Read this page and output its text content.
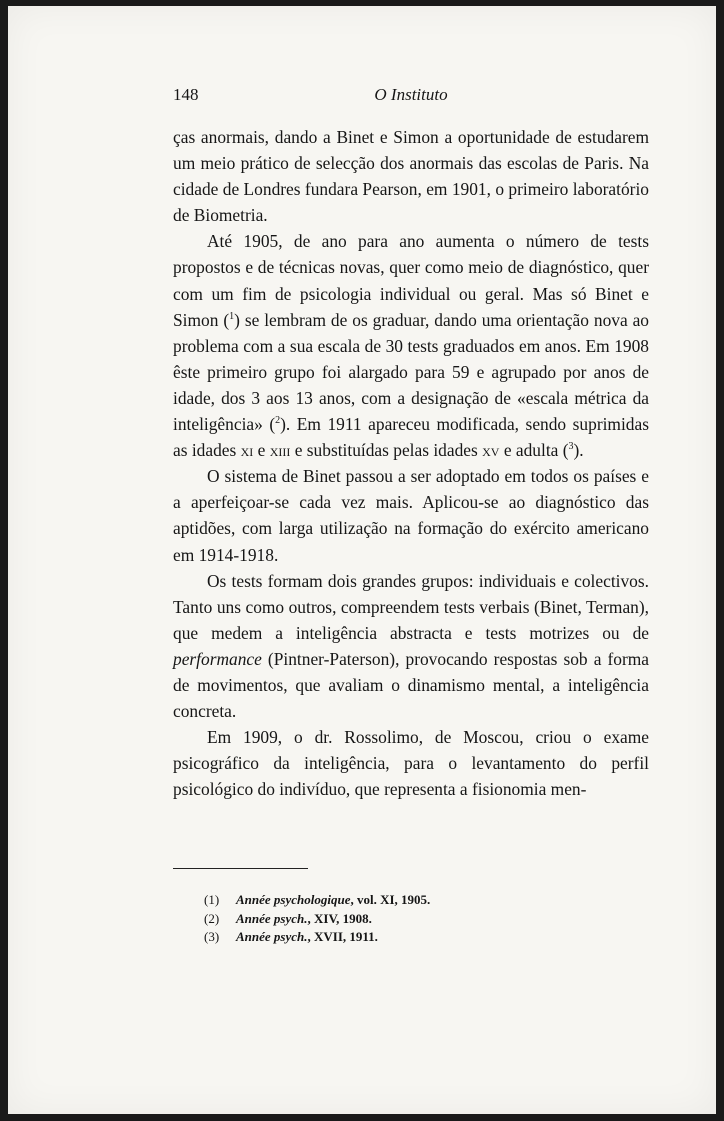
148	O Instituto

ças anormais, dando a Binet e Simon a oportunidade de estudarem um meio prático de selecção dos anormais das escolas de Paris. Na cidade de Londres fundara Pearson, em 1901, o primeiro laboratório de Biometria.

Até 1905, de ano para ano aumenta o número de tests propostos e de técnicas novas, quer como meio de diagnóstico, quer com um fim de psicologia individual ou geral. Mas só Binet e Simon ($^1$) se lembram de os graduar, dando uma orientação nova ao problema com a sua escala de 30 tests graduados em anos. Em 1908 êste primeiro grupo foi alargado para 59 e agrupado por anos de idade, dos 3 aos 13 anos, com a designação de «escala métrica da inteligência» ($^2$). Em 1911 apareceu modificada, sendo suprimidas as idades xi e xiii e substituídas pelas idades xv e adulta ($^3$).

O sistema de Binet passou a ser adoptado em todos os países e a aperfeiçoar-se cada vez mais. Aplicou-se ao diagnóstico das aptidões, com larga utilização na formação do exército americano em 1914-1918.

Os tests formam dois grandes grupos: individuais e colectivos. Tanto uns como outros, compreendem tests verbais (Binet, Terman), que medem a inteligência abstracta e tests motrizes ou de performance (Pintner-Paterson), provocando respostas sob a forma de movimentos, que avaliam o dinamismo mental, a inteligência concreta.

Em 1909, o dr. Rossolimo, de Moscou, criou o exame psicográfico da inteligência, para o levantamento do perfil psicológico do indivíduo, que representa a fisionomia men-

(1) Année psychologique, vol. XI, 1905.
(2) Année psych., XIV, 1908.
(3) Année psych., XVII, 1911.
